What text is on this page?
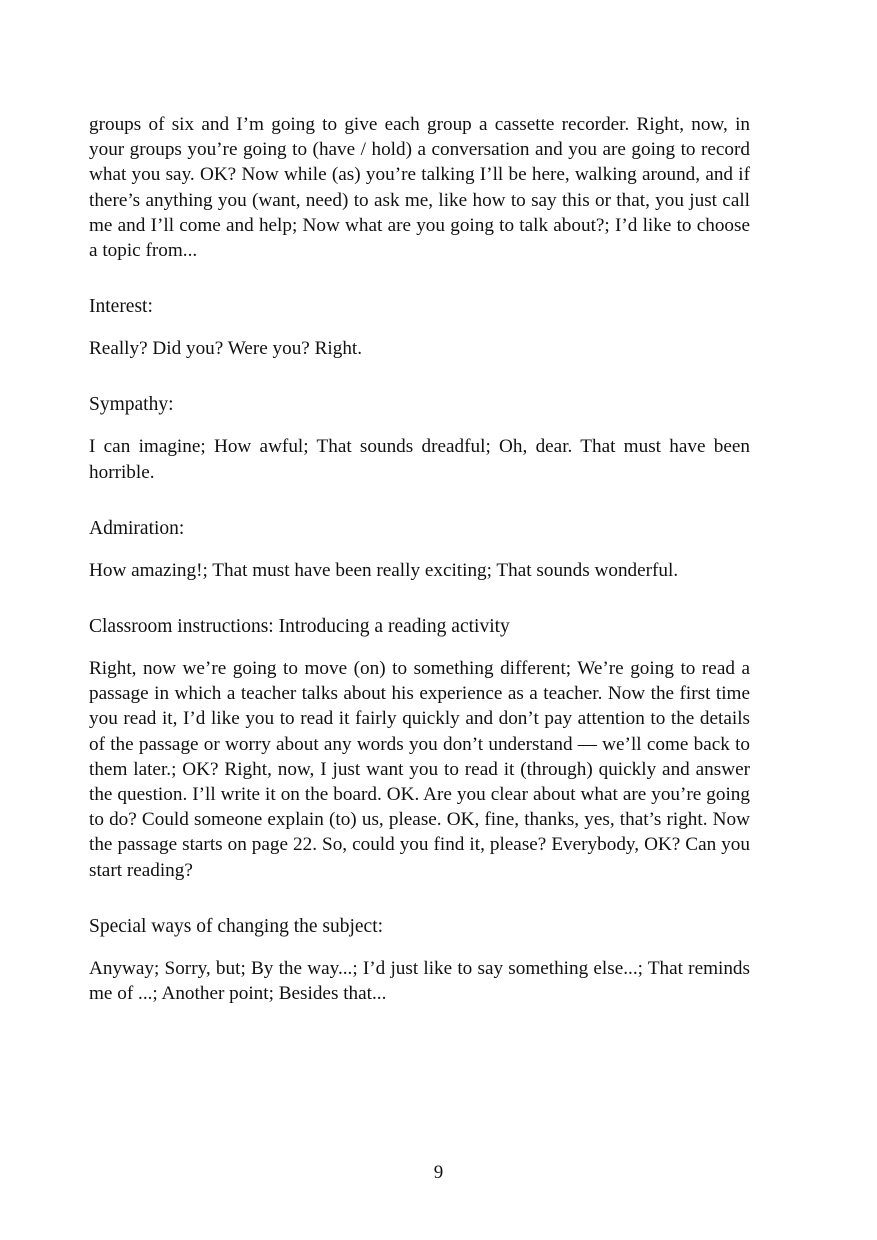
groups of six and I’m going to give each group a cassette recorder. Right, now, in your groups you’re going to (have / hold) a conversation and you are going to record what you say. OK? Now while (as) you’re talking I’ll be here, walking around, and if there’s anything you (want, need) to ask me, like how to say this or that, you just call me and I’ll come and help; Now what are you going to talk about?; I’d like to choose a topic from...

Interest:

Really? Did you? Were you? Right.

Sympathy:

I can imagine; How awful; That sounds dreadful; Oh, dear. That must have been horrible.

Admiration:

How amazing!; That must have been really exciting; That sounds wonderful.

Classroom instructions: Introducing a reading activity

Right, now we’re going to move (on) to something different; We’re going to read a passage in which a teacher talks about his experience as a teacher. Now the first time you read it, I’d like you to read it fairly quickly and don’t pay attention to the details of the passage or worry about any words you don’t understand — we’ll come back to them later.; OK? Right, now, I just want you to read it (through) quickly and answer the question. I’ll write it on the board. OK. Are you clear about what are you’re going to do? Could someone explain (to) us, please. OK, fine, thanks, yes, that’s right. Now the passage starts on page 22. So, could you find it, please? Everybody, OK? Can you start reading?

Special ways of changing the subject:

Anyway; Sorry, but; By the way...; I’d just like to say something else...; That reminds me of ...; Another point; Besides that...

9
